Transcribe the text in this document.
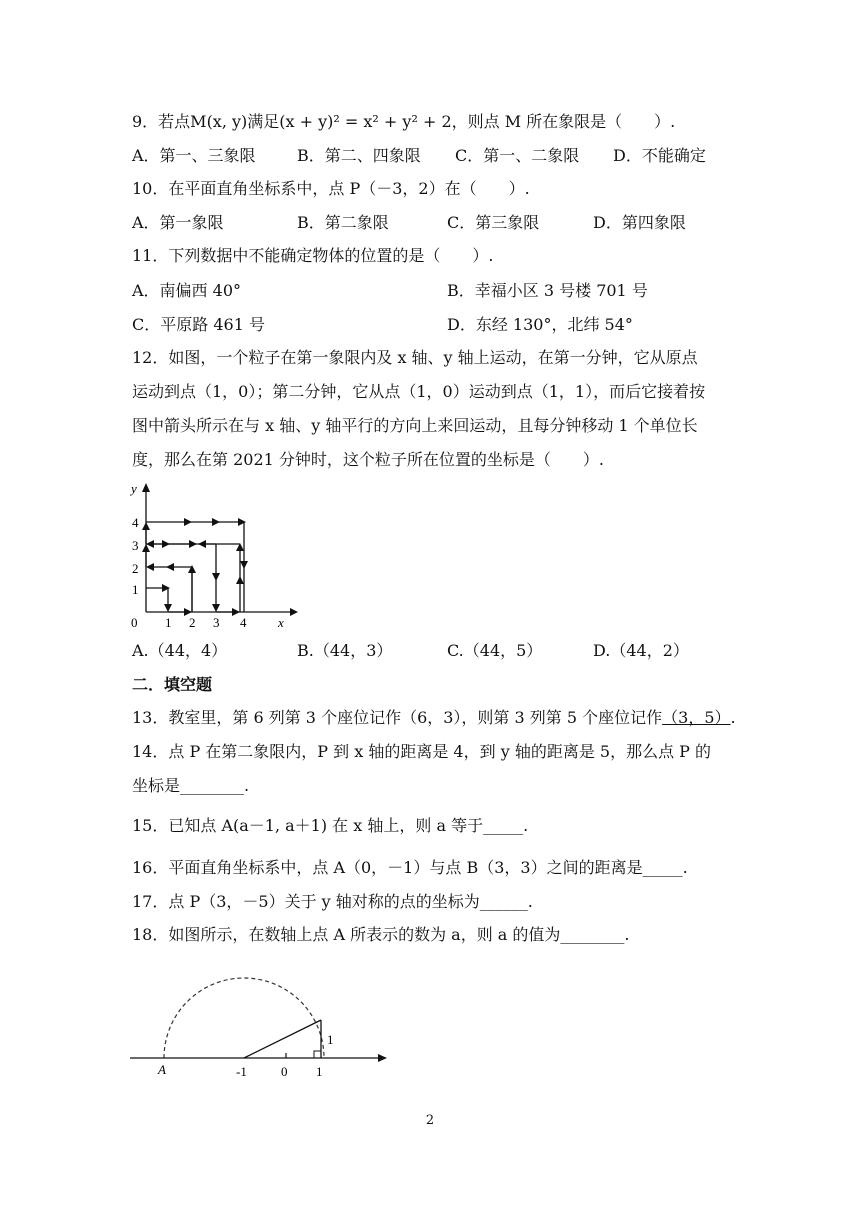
9．若点M(x, y)满足(x + y)² = x² + y² + 2，则点 M 所在象限是（　　）.
A．第一、三象限	B．第二、四象限 C．第一、二象限 D．不能确定
10．在平面直角坐标系中，点 P（－3，2）在（　　）.
A．第一象限	B．第二象限	C．第三象限	D．第四象限
11．下列数据中不能确定物体的位置的是（　　）.
A．南偏西 40°	B．幸福小区 3 号楼 701 号
C．平原路 461 号	D．东经 130°，北纬 54°
12．如图，一个粒子在第一象限内及 x 轴、y 轴上运动，在第一分钟，它从原点
运动到点（1，0）；第二分钟，它从点（1，0）运动到点（1，1），而后它接着按
图中箭头所示在与 x 轴、y 轴平行的方向上来回运动，且每分钟移动 1 个单位长
度，那么在第 2021 分钟时，这个粒子所在位置的坐标是（　　）.
0 1 2 3 4 x
1
2
3
4
y
A.（44，4）	B.（44，3）	C.（44，5）	D.（44，2）
二．填空题
13．教室里，第 6 列第 3 个座位记作（6，3），则第 3 列第 5 个座位记作（3，5）.
14．点 P 在第二象限内，P 到 x 轴的距离是 4，到 y 轴的距离是 5，那么点 P 的
坐标是________.
15．已知点 A(a－1, a＋1) 在 x 轴上，则 a 等于_____.
16．平面直角坐标系中，点 A（0，－1）与点 B（3，3）之间的距离是_____.
17．点 P（3，－5）关于 y 轴对称的点的坐标为______.
18．如图所示，在数轴上点 A 所表示的数为 a，则 a 的值为________.
A	-1	0 1
1
2
